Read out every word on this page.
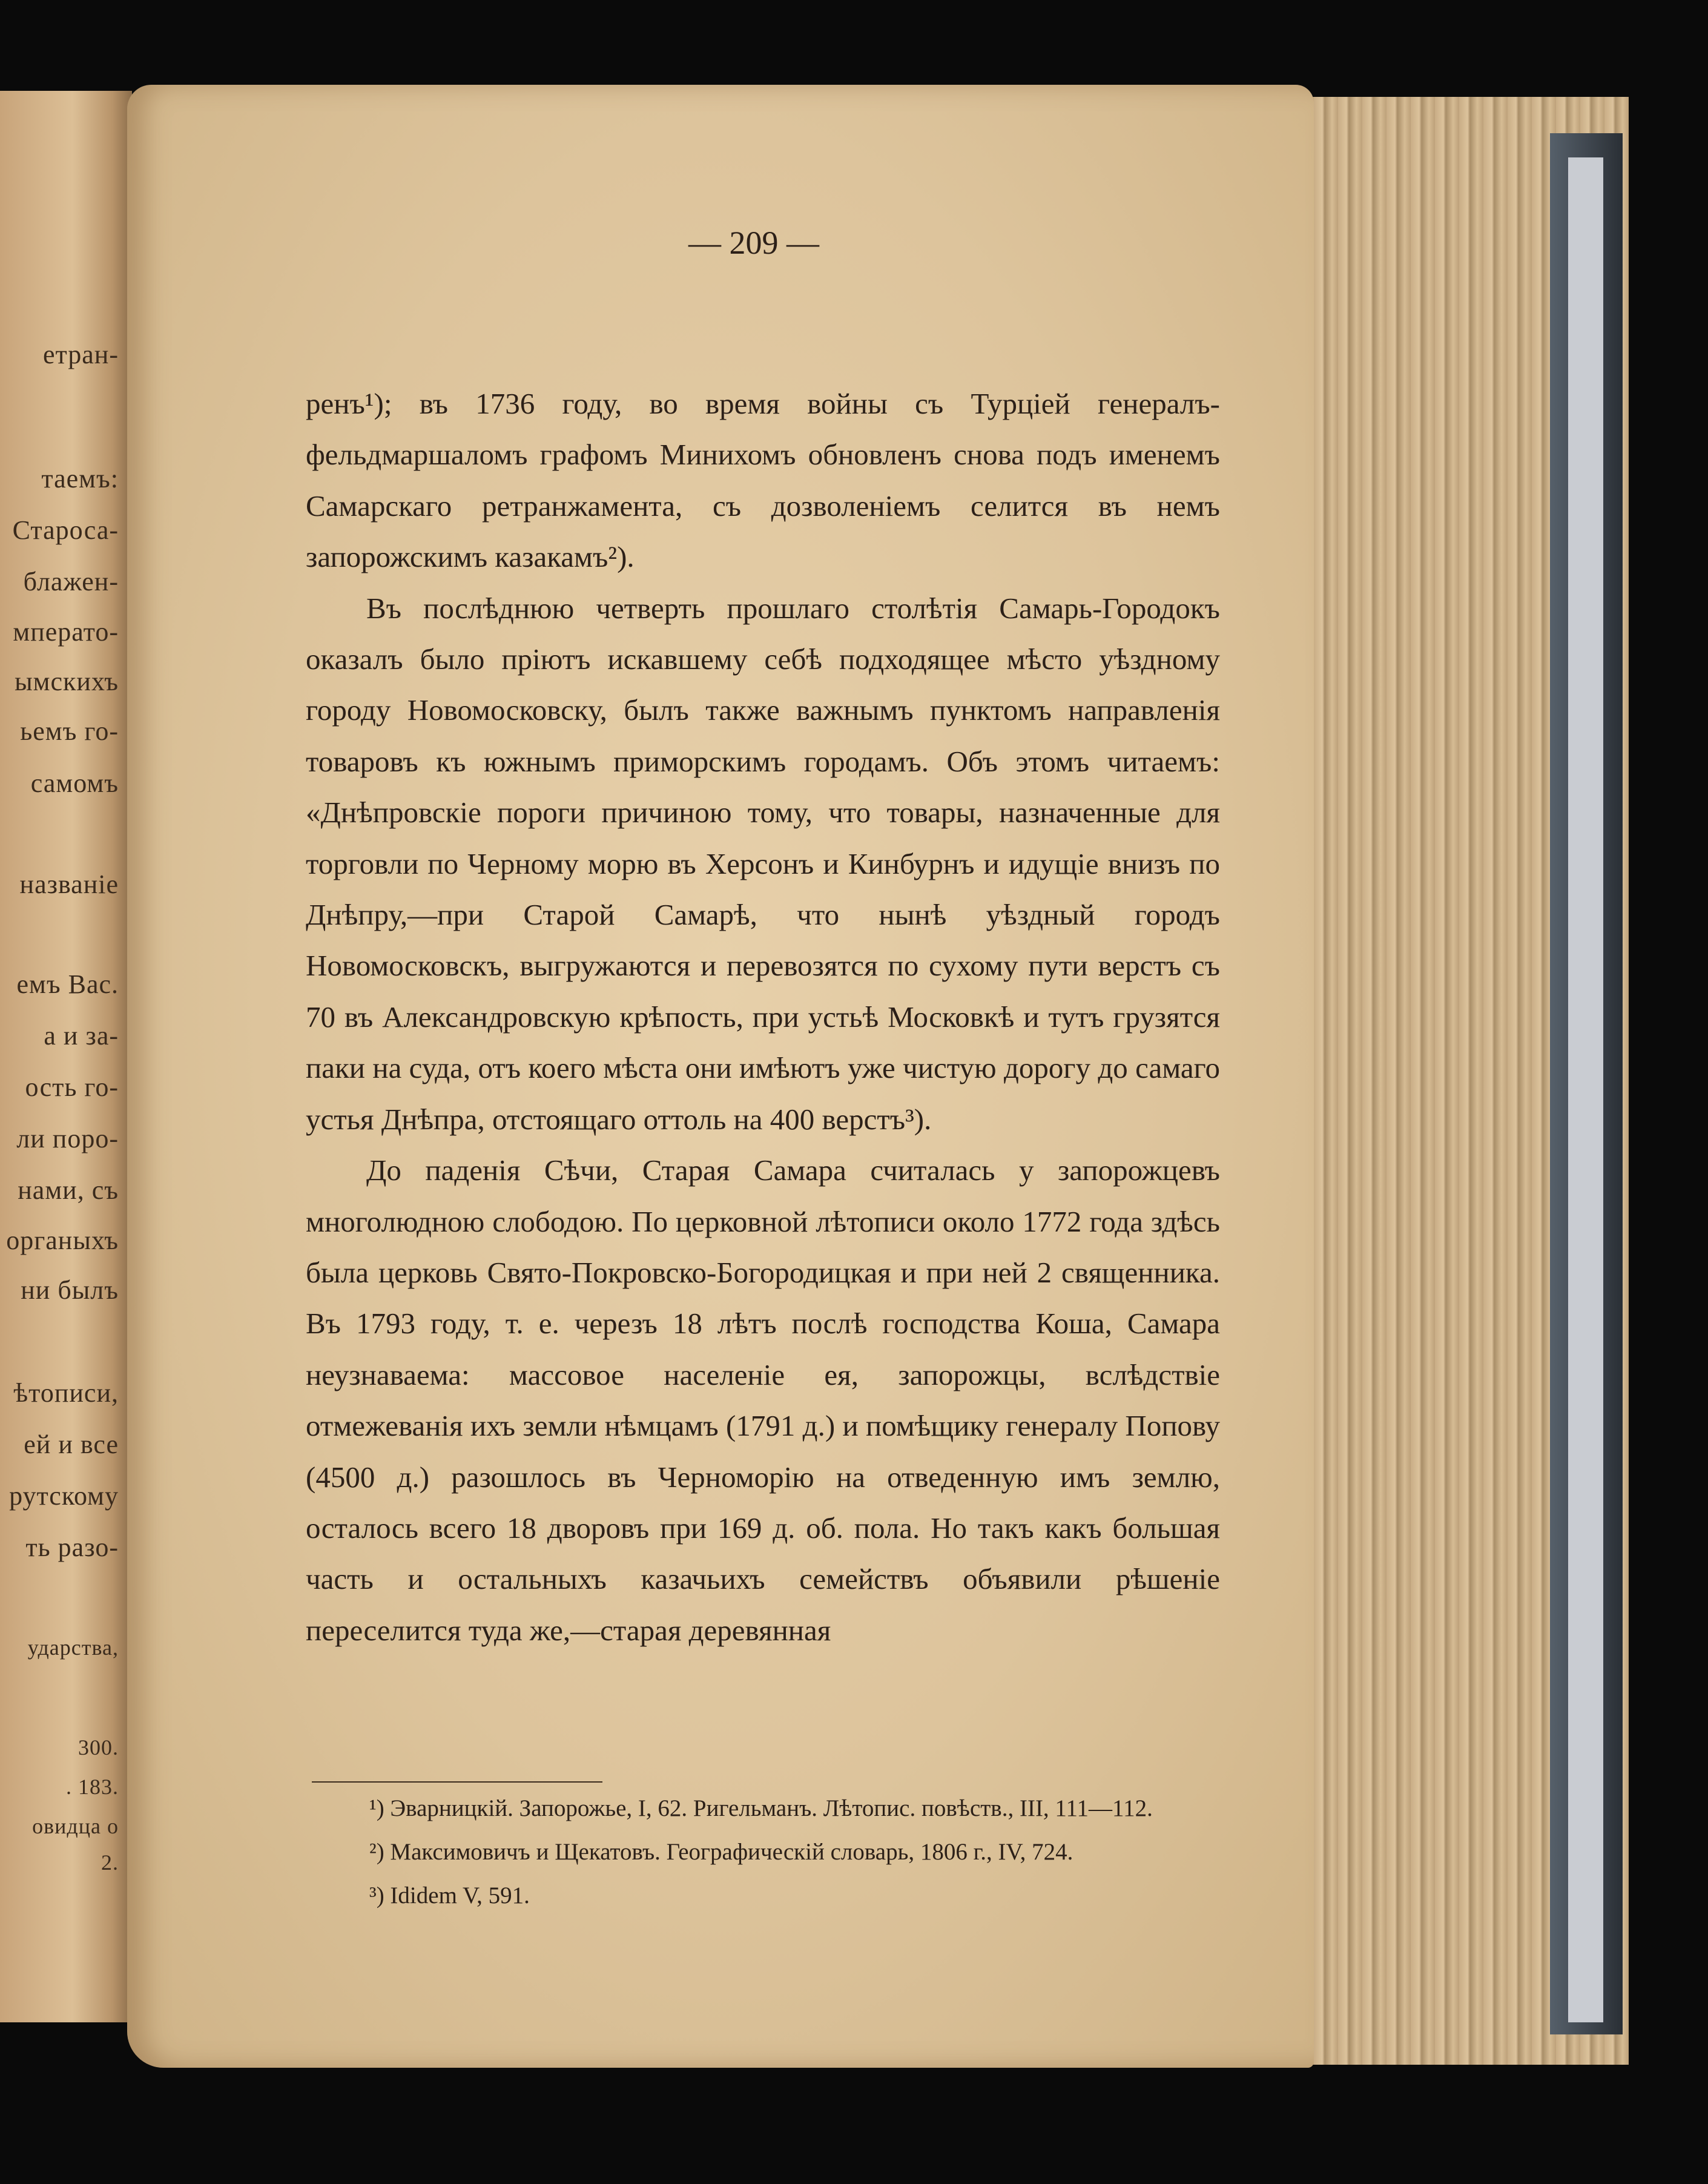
етран-
таемъ:
Староса-
блажен-
мперато-
ымскихъ
ьемъ го-
самомъ
названіе
емъ Вас.
а и за-
ость го-
ли поро-
нами, съ
органыхъ
ни былъ
ѣтописи,
ей и все
рутскому
ть разо-
ударства,
300.
. 183.
овидца о
2.
— 209 —

ренъ¹); въ 1736 году, во время войны съ Турціей генералъ-фельдмаршаломъ графомъ Минихомъ обновленъ снова подъ именемъ Самарскаго ретранжамента, съ дозволеніемъ селится въ немъ запорожскимъ казакамъ²).

Въ послѣднюю четверть прошлаго столѣтія Самарь-Городокъ оказалъ было пріютъ искавшему себѣ подходящее мѣсто уѣздному городу Новомосковску, былъ также важнымъ пунктомъ направленія товаровъ къ южнымъ приморскимъ городамъ. Объ этомъ читаемъ: «Днѣпровскіе пороги причиною тому, что товары, назначенные для торговли по Черному морю въ Херсонъ и Кинбурнъ и идущіе внизъ по Днѣпру,—при Старой Самарѣ, что нынѣ уѣздный городъ Новомосковскъ, выгружаются и перевозятся по сухому пути верстъ съ 70 въ Александровскую крѣпость, при устьѣ Московкѣ и тутъ грузятся паки на суда, отъ коего мѣста они имѣютъ уже чистую дорогу до самаго устья Днѣпра, отстоящаго оттоль на 400 верстъ³).

До паденія Сѣчи, Старая Самара считалась у запорожцевъ многолюдною слободою. По церковной лѣтописи около 1772 года здѣсь была церковь Свято-Покровско-Богородицкая и при ней 2 священника. Въ 1793 году, т. е. черезъ 18 лѣтъ послѣ господства Коша, Самара неузнаваема: массовое населеніе ея, запорожцы, вслѣдствіе отмежеванія ихъ земли нѣмцамъ (1791 д.) и помѣщику генералу Попову (4500 д.) разошлось въ Черноморію на отведенную имъ землю, осталось всего 18 дворовъ при 169 д. об. пола. Но такъ какъ большая часть и остальныхъ казачьихъ семействъ объявили рѣшеніе переселится туда же,—старая деревянная

¹) Эварницкій. Запорожье, I, 62. Ригельманъ. Лѣтопис. повѣств., III, 111—112.

²) Максимовичъ и Щекатовъ. Географическій словарь, 1806 г., IV, 724.

³) Ididem V, 591.
